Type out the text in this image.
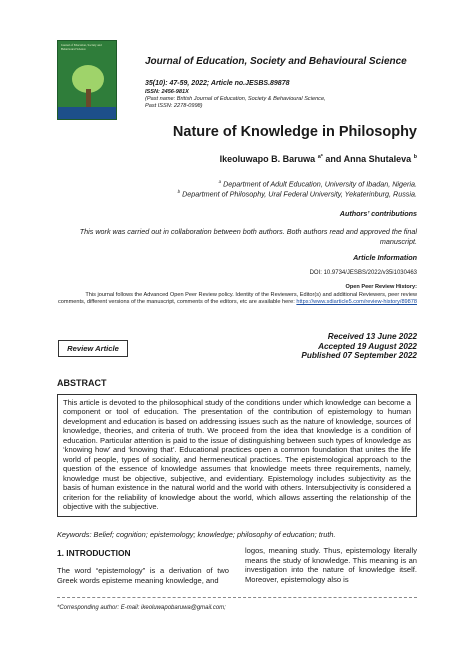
Journal of Education, Society and Behavioural Science
Journal of Education, Society and Behavioural Science
35(10): 47-59, 2022; Article no.JESBS.89878
ISSN: 2456-981X
(Past name: British Journal of Education, Society & Behavioural Science,
Past ISSN: 2278-0998)
Nature of Knowledge in Philosophy
Ikeoluwapo B. Baruwa $^{a*}$ and Anna Shutaleva $^b$
$^a$ Department of Adult Education, University of Ibadan, Nigeria.
$^b$ Department of Philosophy, Ural Federal University, Yekaterinburg, Russia.
Authors’ contributions
This work was carried out in collaboration between both authors. Both authors read and approved the final manuscript.
Article Information
DOI: 10.9734/JESBS/2022/v35i1030463
Open Peer Review History:
This journal follows the Advanced Open Peer Review policy. Identity of the Reviewers, Editor(s) and additional Reviewers, peer review comments, different versions of the manuscript, comments of the editors, etc are available here: https://www.sdiarticle5.com/review-history/89878
Review Article
Received 13 June 2022
Accepted 19 August 2022
Published 07 September 2022
ABSTRACT
This article is devoted to the philosophical study of the conditions under which knowledge can become a component or tool of education. The presentation of the contribution of epistemology to human development and education is based on addressing issues such as the nature of knowledge, sources of knowledge, theories, and criteria of truth. We proceed from the idea that knowledge is a condition of education. Particular attention is paid to the issue of distinguishing between such types of knowledge as ‘knowing how’ and ‘knowing that’. Educational practices open a common foundation that unites the life world of people, types of sociality, and hermeneutical practices. The epistemological approach to the question of the essence of knowledge assumes that knowledge meets three requirements, namely, knowledge must be objective, subjective, and evidentiary. Epistemology includes subjectivity as the basis of human existence in the natural world and the world with others. Intersubjectivity is considered a criterion for the reliability of knowledge about the world, which allows asserting the relationship of the objective with the subjective.
Keywords: Belief; cognition; epistemology; knowledge; philosophy of education; truth.
1. INTRODUCTION
The word “epistemology” is a derivation of two Greek words episteme meaning knowledge, and
logos, meaning study. Thus, epistemology literally means the study of knowledge. This meaning is an investigation into the nature of knowledge itself. Moreover, epistemology also is
*Corresponding author: E-mail: ikeoluwapobaruwa@gmail.com;
